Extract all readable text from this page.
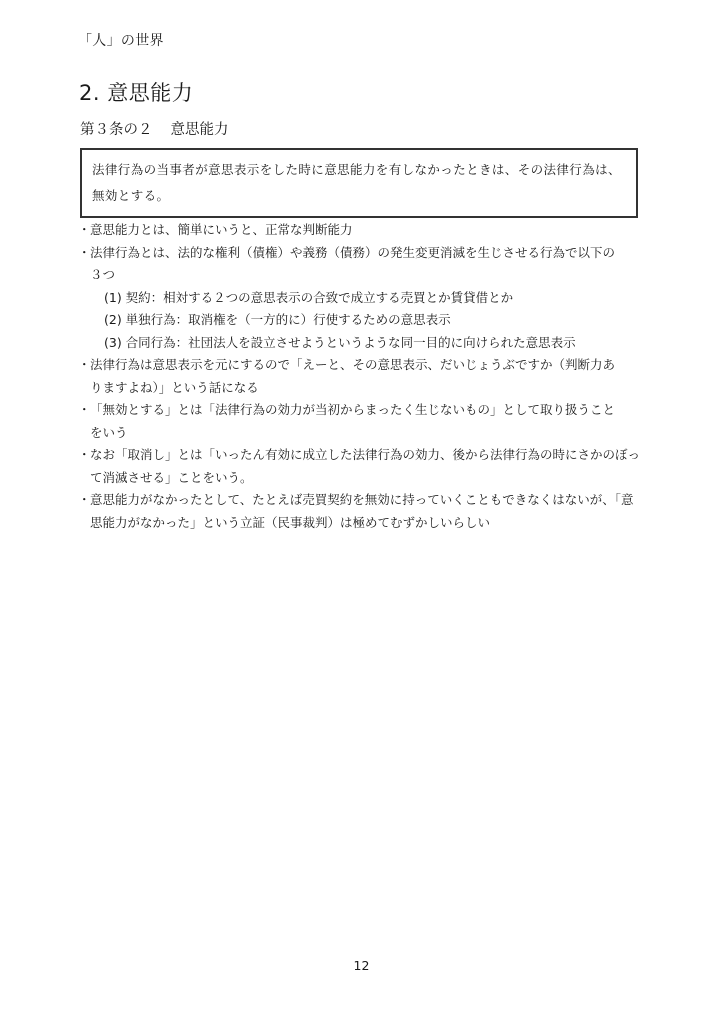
「人」の世界
2. 意思能力
第３条の２ 意思能力
法律行為の当事者が意思表示をした時に意思能力を有しなかったときは、その法律行為は、
無効とする。
・ 意思能力とは、簡単にいうと、正常な判断能力
・ 法律行為とは、法的な権利（債権）や義務（債務）の発生変更消滅を生じさせる行為で以下の
３つ
(1) 契約：相対する２つの意思表示の合致で成立する売買とか賃貸借とか
(2) 単独行為：取消権を（一方的に）行使するための意思表示
(3) 合同行為：社団法人を設立させようというような同一目的に向けられた意思表示
・ 法律行為は意思表示を元にするので「えーと、その意思表示、だいじょうぶですか（判断力あ
りますよね）」という話になる
・ 「無効とする」とは「法律行為の効力が当初からまったく生じないもの」として取り扱うこと
をいう
・ なお「取消し」とは「いったん有効に成立した法律行為の効力、後から法律行為の時にさかのぼっ
て消滅させる」ことをいう。
・ 意思能力がなかったとして、たとえば売買契約を無効に持っていくこともできなくはないが、「意
思能力がなかった」という立証（民事裁判）は極めてむずかしいらしい
12
